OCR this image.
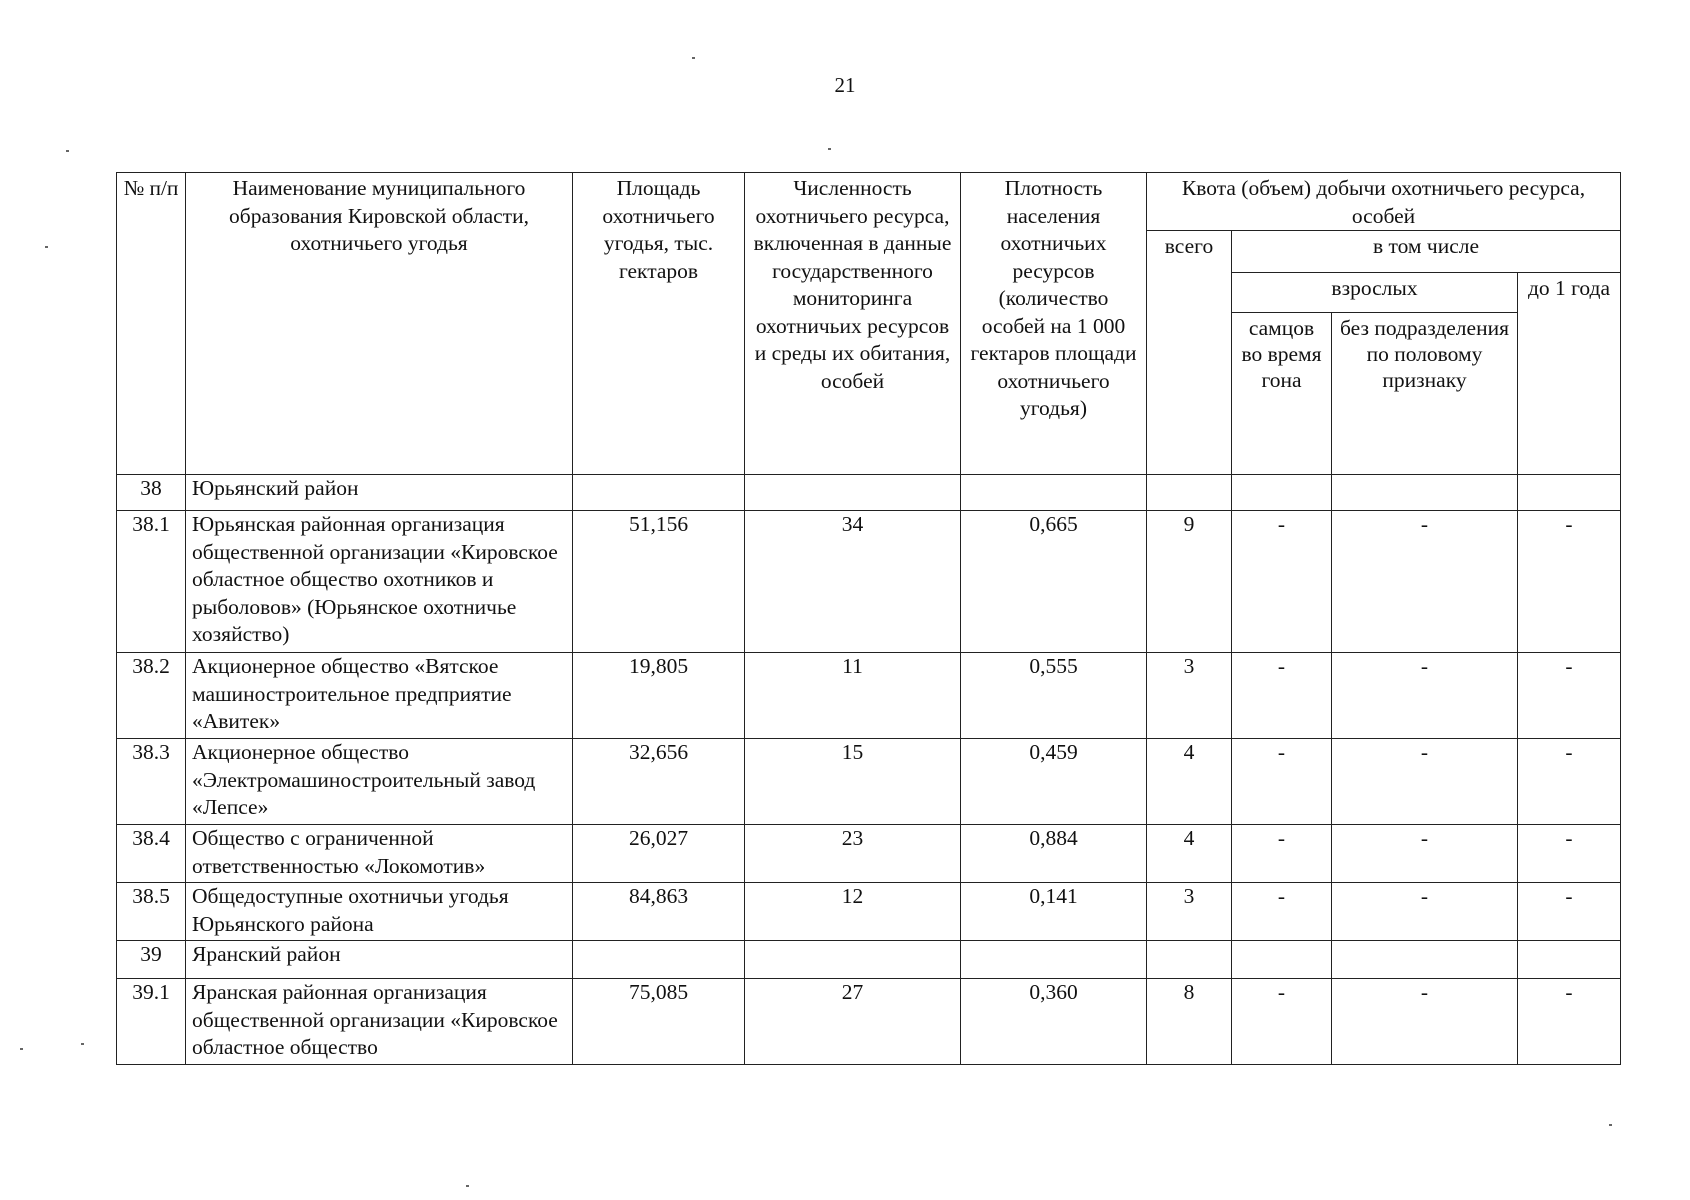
21
№ п/п	Наименование муниципального образования Кировской области, охотничьего угодья	Площадь охотничьего угодья, тыс. гектаров	Численность охотничьего ресурса, включенная в данные государственного мониторинга охотничьих ресурсов и среды их обитания, особей	Плотность населения охотничьих ресурсов (количество особей на 1 000 гектаров площади охотничьего угодья)	Квота (объем) добычи охотничьего ресурса, особей			
					всего	в том числе		
						взрослых		до 1 года
						самцов во время гона	без подразделения по половому признаку	
38	Юрьянский район							
38.1	Юрьянская районная организация общественной организации «Кировское областное общество охотников и рыболовов» (Юрьянское охотничье хозяйство)	51,156	34	0,665	9	-	-	-
38.2	Акционерное общество «Вятское машиностроительное предприятие «Авитек»	19,805	11	0,555	3	-	-	-
38.3	Акционерное общество «Электромашиностроительный завод «Лепсе»	32,656	15	0,459	4	-	-	-
38.4	Общество с ограниченной ответственностью «Локомотив»	26,027	23	0,884	4	-	-	-
38.5	Общедоступные охотничьи угодья Юрьянского района	84,863	12	0,141	3	-	-	-
39	Яранский район							
39.1	Яранская районная организация общественной организации «Кировское областное общество	75,085	27	0,360	8	-	-	-
